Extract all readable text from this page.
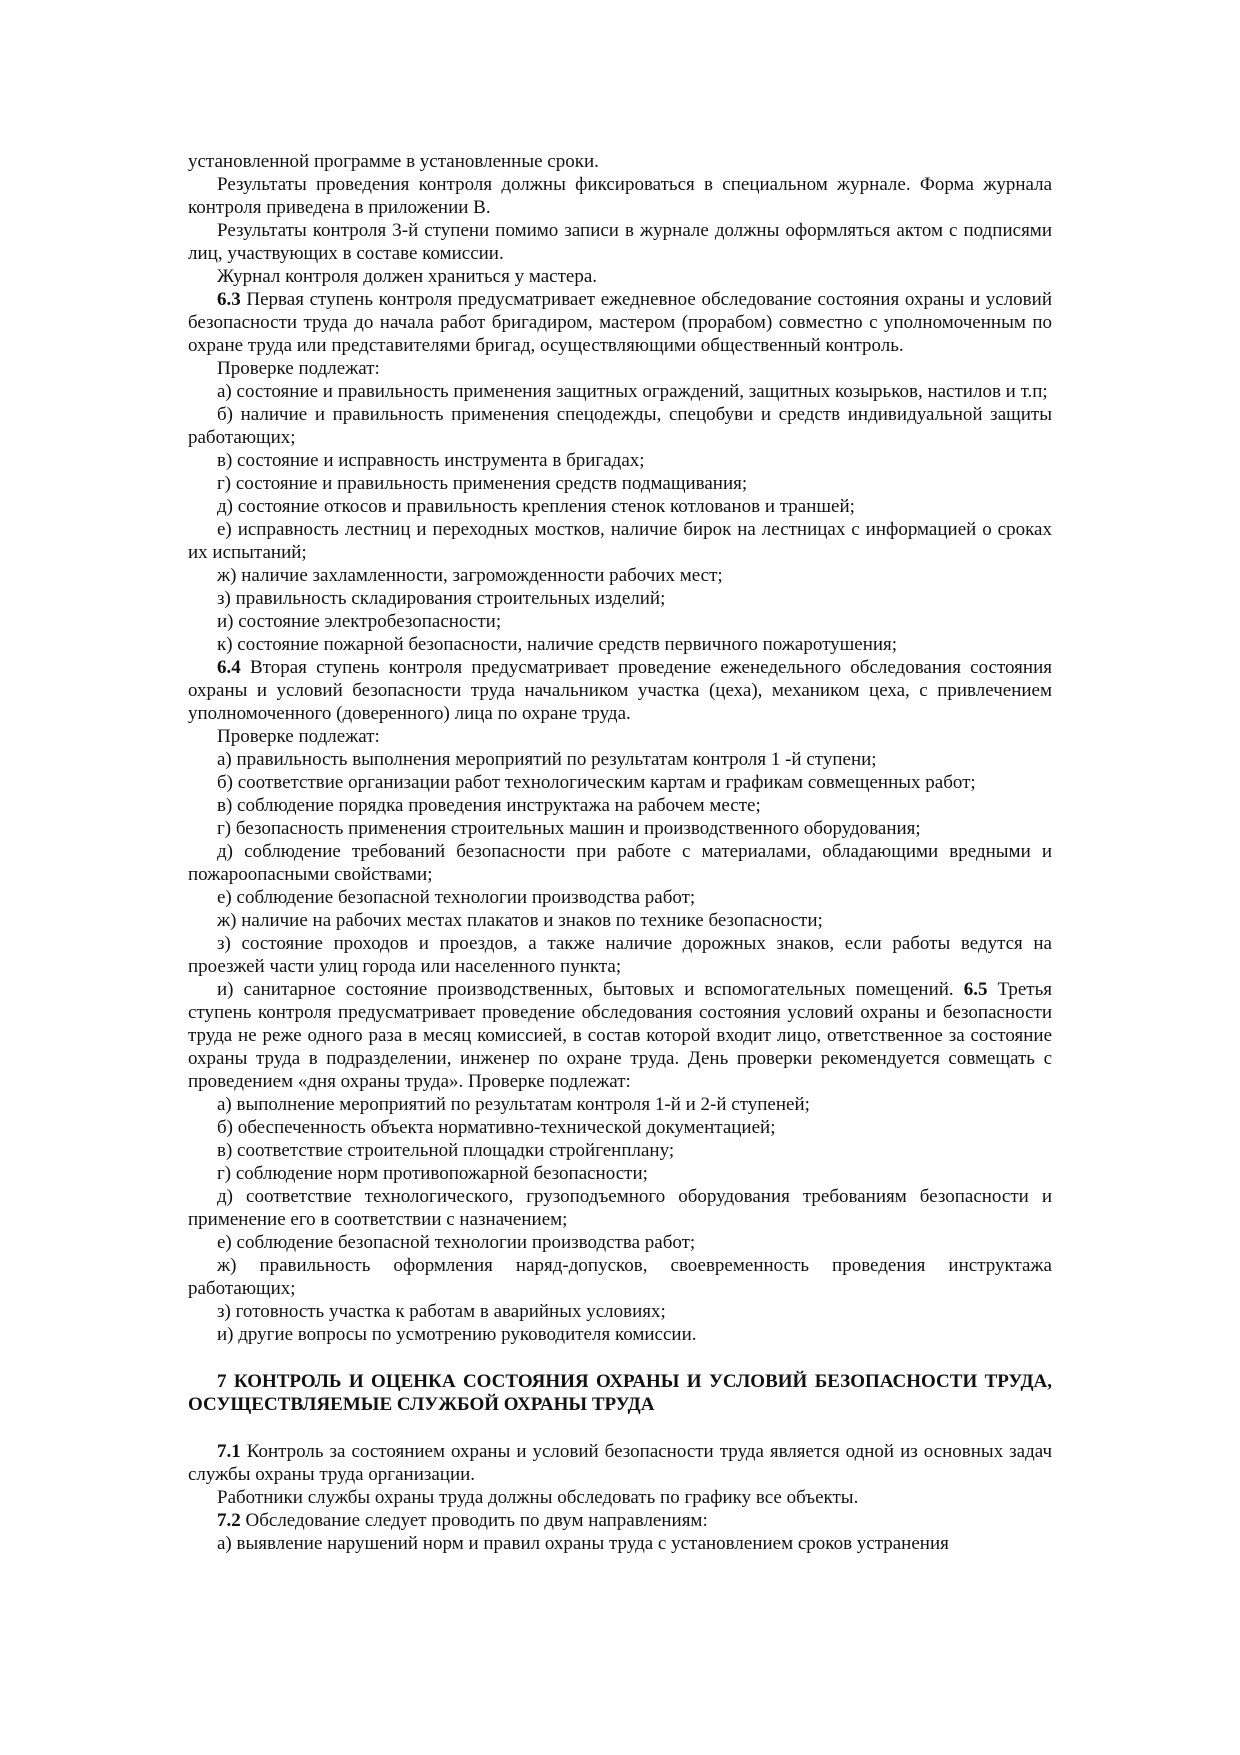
установленной программе в установленные сроки.

Результаты проведения контроля должны фиксироваться в специальном журнале. Форма журнала контроля приведена в приложении В.

Результаты контроля 3-й ступени помимо записи в журнале должны оформляться актом с подписями лиц, участвующих в составе комиссии.

Журнал контроля должен храниться у мастера.

6.3 Первая ступень контроля предусматривает ежедневное обследование состояния охраны и условий безопасности труда до начала работ бригадиром, мастером (прорабом) совместно с уполномоченным по охране труда или представителями бригад, осуществляющими общественный контроль.

Проверке подлежат:

а) состояние и правильность применения защитных ограждений, защитных козырьков, настилов и т.п;

б) наличие и правильность применения спецодежды, спецобуви и средств индивидуальной защиты работающих;

в) состояние и исправность инструмента в бригадах;

г) состояние и правильность применения средств подмащивания;

д) состояние откосов и правильность крепления стенок котлованов и траншей;

е) исправность лестниц и переходных мостков, наличие бирок на лестницах с информацией о сроках их испытаний;

ж) наличие захламленности, загроможденности рабочих мест;

з) правильность складирования строительных изделий;

и) состояние электробезопасности;

к) состояние пожарной безопасности, наличие средств первичного пожаротушения;

6.4 Вторая ступень контроля предусматривает проведение еженедельного обследования состояния охраны и условий безопасности труда начальником участка (цеха), механиком цеха, с привлечением уполномоченного (доверенного) лица по охране труда.

Проверке подлежат:

а) правильность выполнения мероприятий по результатам контроля 1 -й ступени;

б) соответствие организации работ технологическим картам и графикам совмещенных работ;

в) соблюдение порядка проведения инструктажа на рабочем месте;

г) безопасность применения строительных машин и производственного оборудования;

д) соблюдение требований безопасности при работе с материалами, обладающими вредными и пожароопасными свойствами;

е) соблюдение безопасной технологии производства работ;

ж) наличие на рабочих местах плакатов и знаков по технике безопасности;

з) состояние проходов и проездов, а также наличие дорожных знаков, если работы ведутся на проезжей части улиц города или населенного пункта;

и) санитарное состояние производственных, бытовых и вспомогательных помещений. 6.5 Третья ступень контроля предусматривает проведение обследования состояния условий охраны и безопасности труда не реже одного раза в месяц комиссией, в состав которой входит лицо, ответственное за состояние охраны труда в подразделении, инженер по охране труда. День проверки рекомендуется совмещать с проведением «дня охраны труда». Проверке подлежат:

а) выполнение мероприятий по результатам контроля 1-й и 2-й ступеней;

б) обеспеченность объекта нормативно-технической документацией;

в) соответствие строительной площадки стройгенплану;

г) соблюдение норм противопожарной безопасности;

д) соответствие технологического, грузоподъемного оборудования требованиям безопасности и применение его в соответствии с назначением;

е) соблюдение безопасной технологии производства работ;

ж) правильность оформления наряд-допусков, своевременность проведения инструктажа работающих;

з) готовность участка к работам в аварийных условиях;

и) другие вопросы по усмотрению руководителя комиссии.

7 КОНТРОЛЬ И ОЦЕНКА СОСТОЯНИЯ ОХРАНЫ И УСЛОВИЙ БЕЗОПАСНОСТИ ТРУДА, ОСУЩЕСТВЛЯЕМЫЕ СЛУЖБОЙ ОХРАНЫ ТРУДА

7.1 Контроль за состоянием охраны и условий безопасности труда является одной из основных задач службы охраны труда организации.

Работники службы охраны труда должны обследовать по графику все объекты.

7.2 Обследование следует проводить по двум направлениям:

а) выявление нарушений норм и правил охраны труда с установлением сроков устранения
